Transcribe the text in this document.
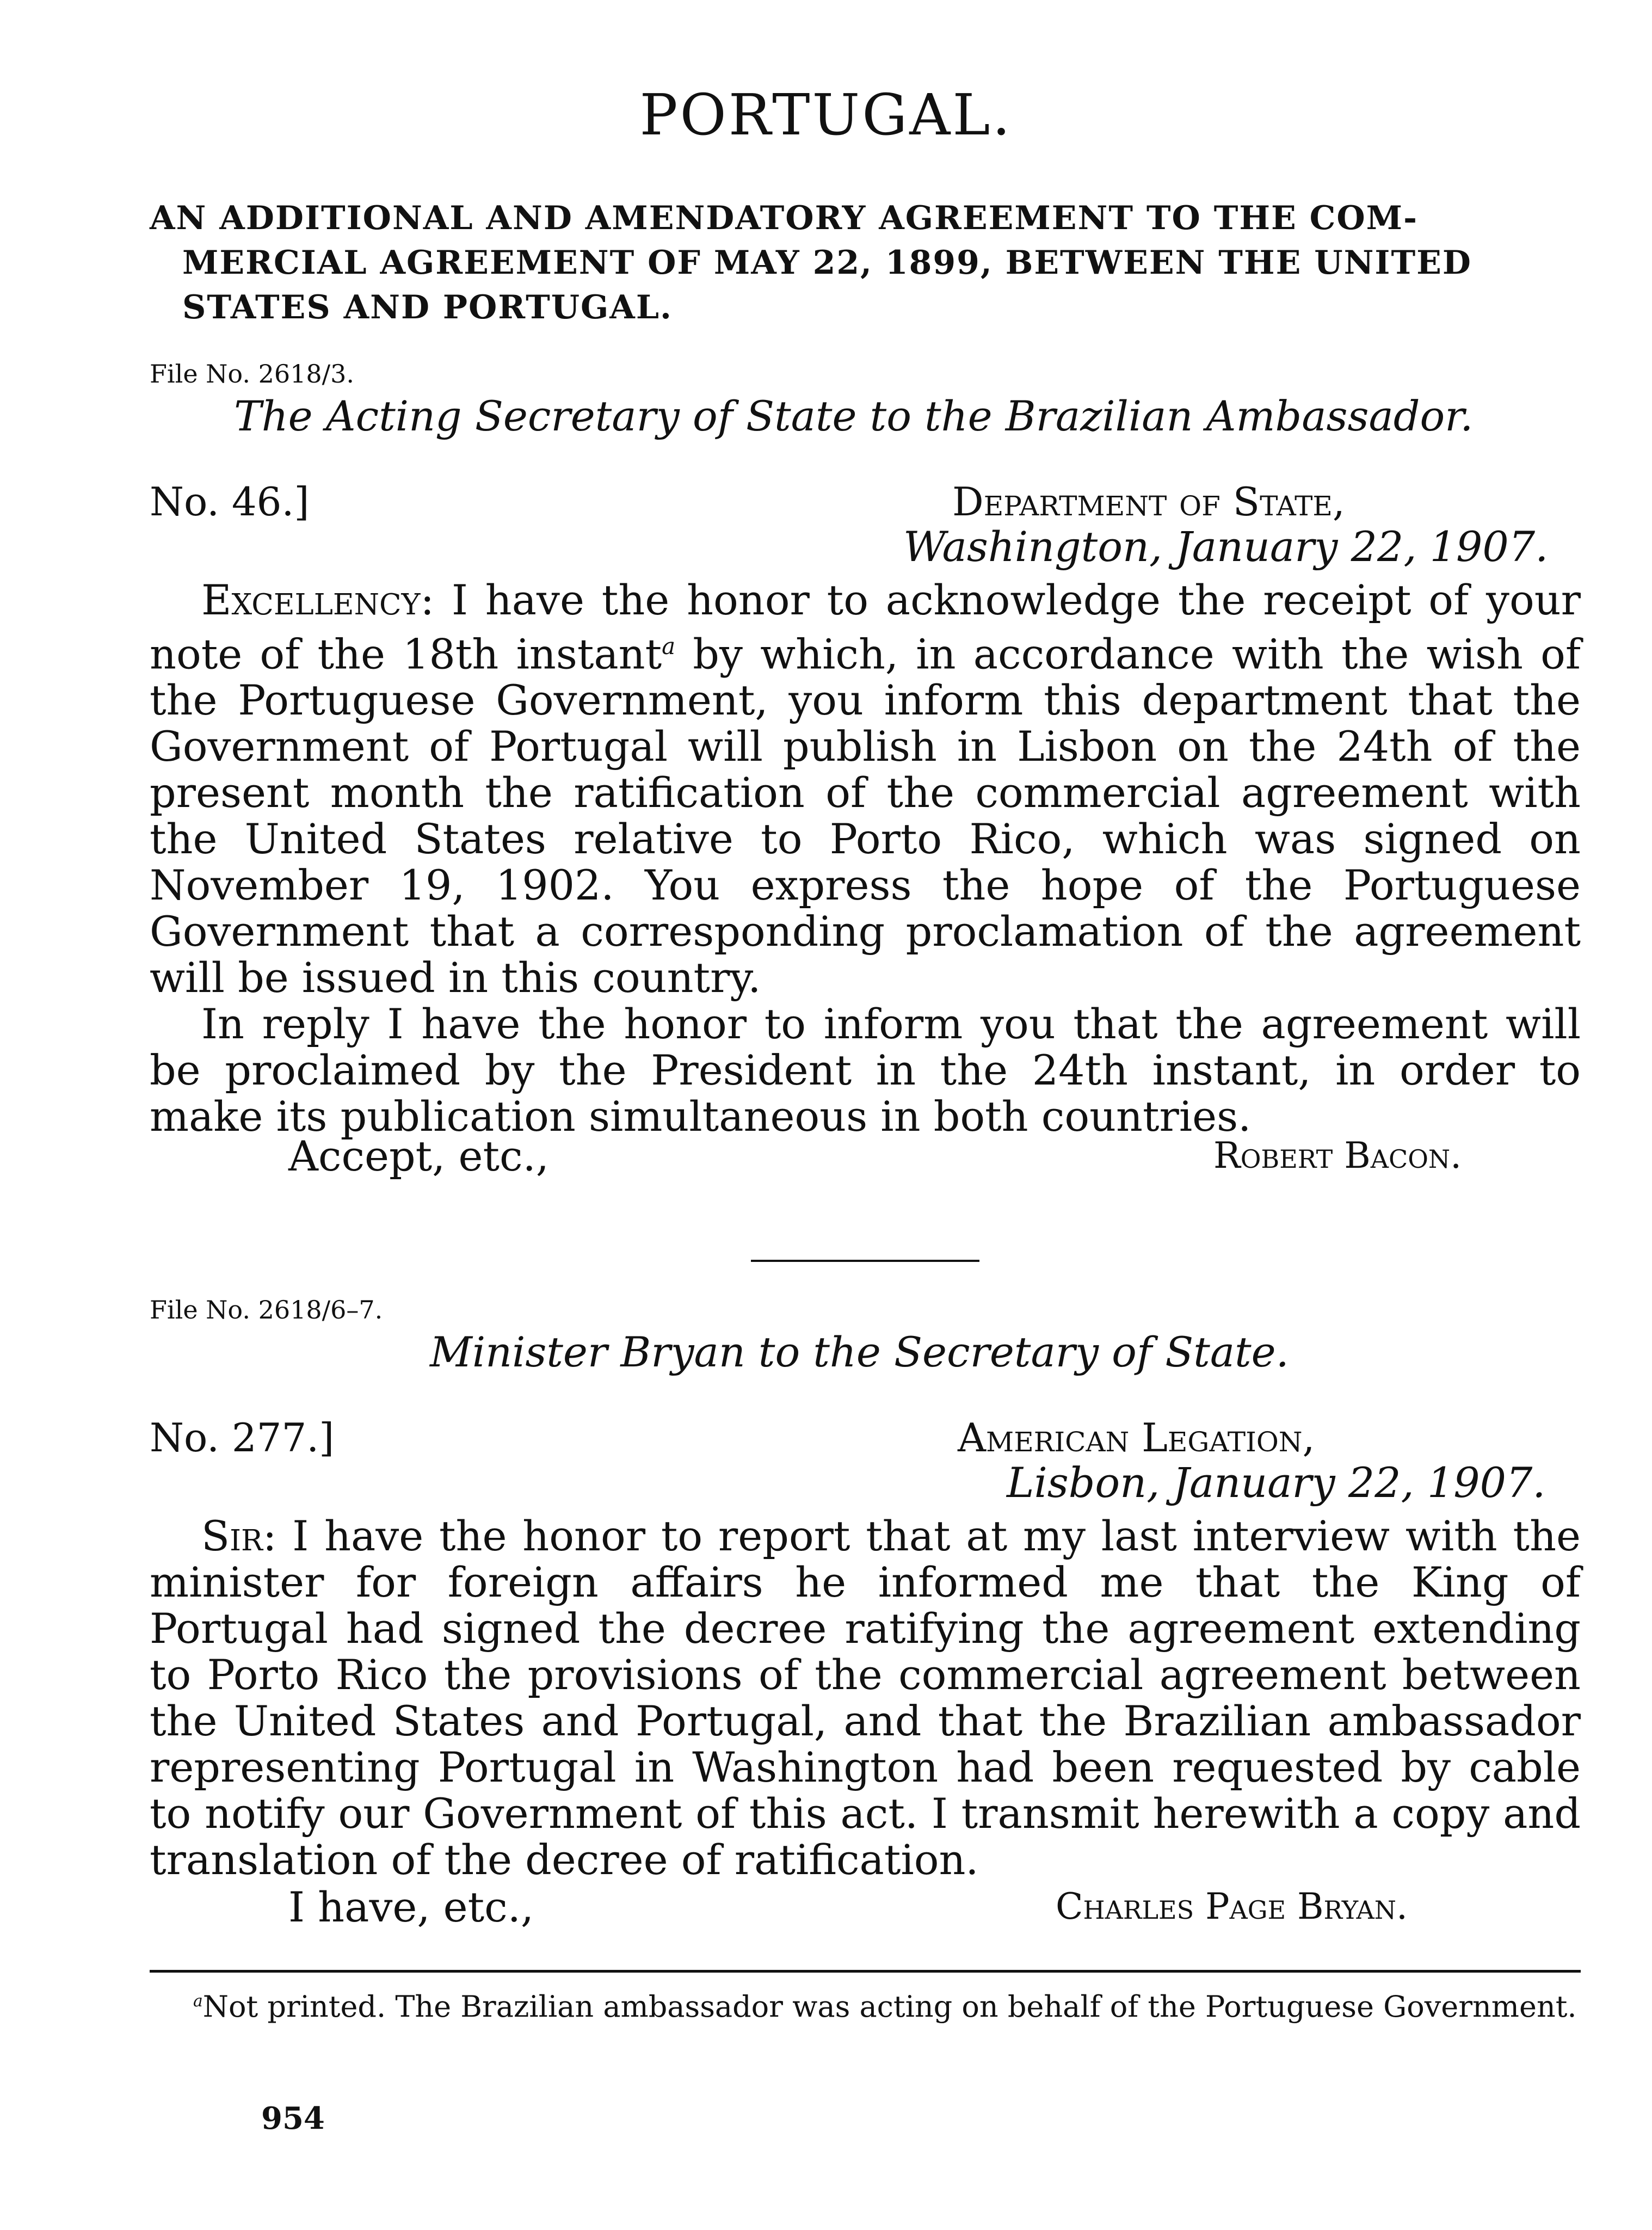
PORTUGAL.
AN ADDITIONAL AND AMENDATORY AGREEMENT TO THE COM-
MERCIAL AGREEMENT OF MAY 22, 1899, BETWEEN THE UNITED
STATES AND PORTUGAL.
File No. 2618/3.
The Acting Secretary of State to the Brazilian Ambassador.
No. 46.]	Department of State,
Washington, January 22, 1907.

Excellency: I have the honor to acknowledge the receipt of your note of the 18th instant$^a$ by which, in accordance with the wish of the Portuguese Government, you inform this department that the Government of Portugal will publish in Lisbon on the 24th of the present month the ratification of the commercial agreement with the United States relative to Porto Rico, which was signed on November 19, 1902. You express the hope of the Portuguese Government that a corresponding proclamation of the agreement will be issued in this country.

In reply I have the honor to inform you that the agreement will be proclaimed by the President in the 24th instant, in order to make its publication simultaneous in both countries.

Accept, etc.,	Robert Bacon.
File No. 2618/6–7.
Minister Bryan to the Secretary of State.
No. 277.]	American Legation,
Lisbon, January 22, 1907.

Sir: I have the honor to report that at my last interview with the minister for foreign affairs he informed me that the King of Portugal had signed the decree ratifying the agreement extending to Porto Rico the provisions of the commercial agreement between the United States and Portugal, and that the Brazilian ambassador representing Portugal in Washington had been requested by cable to notify our Government of this act. I transmit herewith a copy and translation of the decree of ratification.

I have, etc.,	Charles Page Bryan.
$^a$Not printed. The Brazilian ambassador was acting on behalf of the Portuguese Government.
954
